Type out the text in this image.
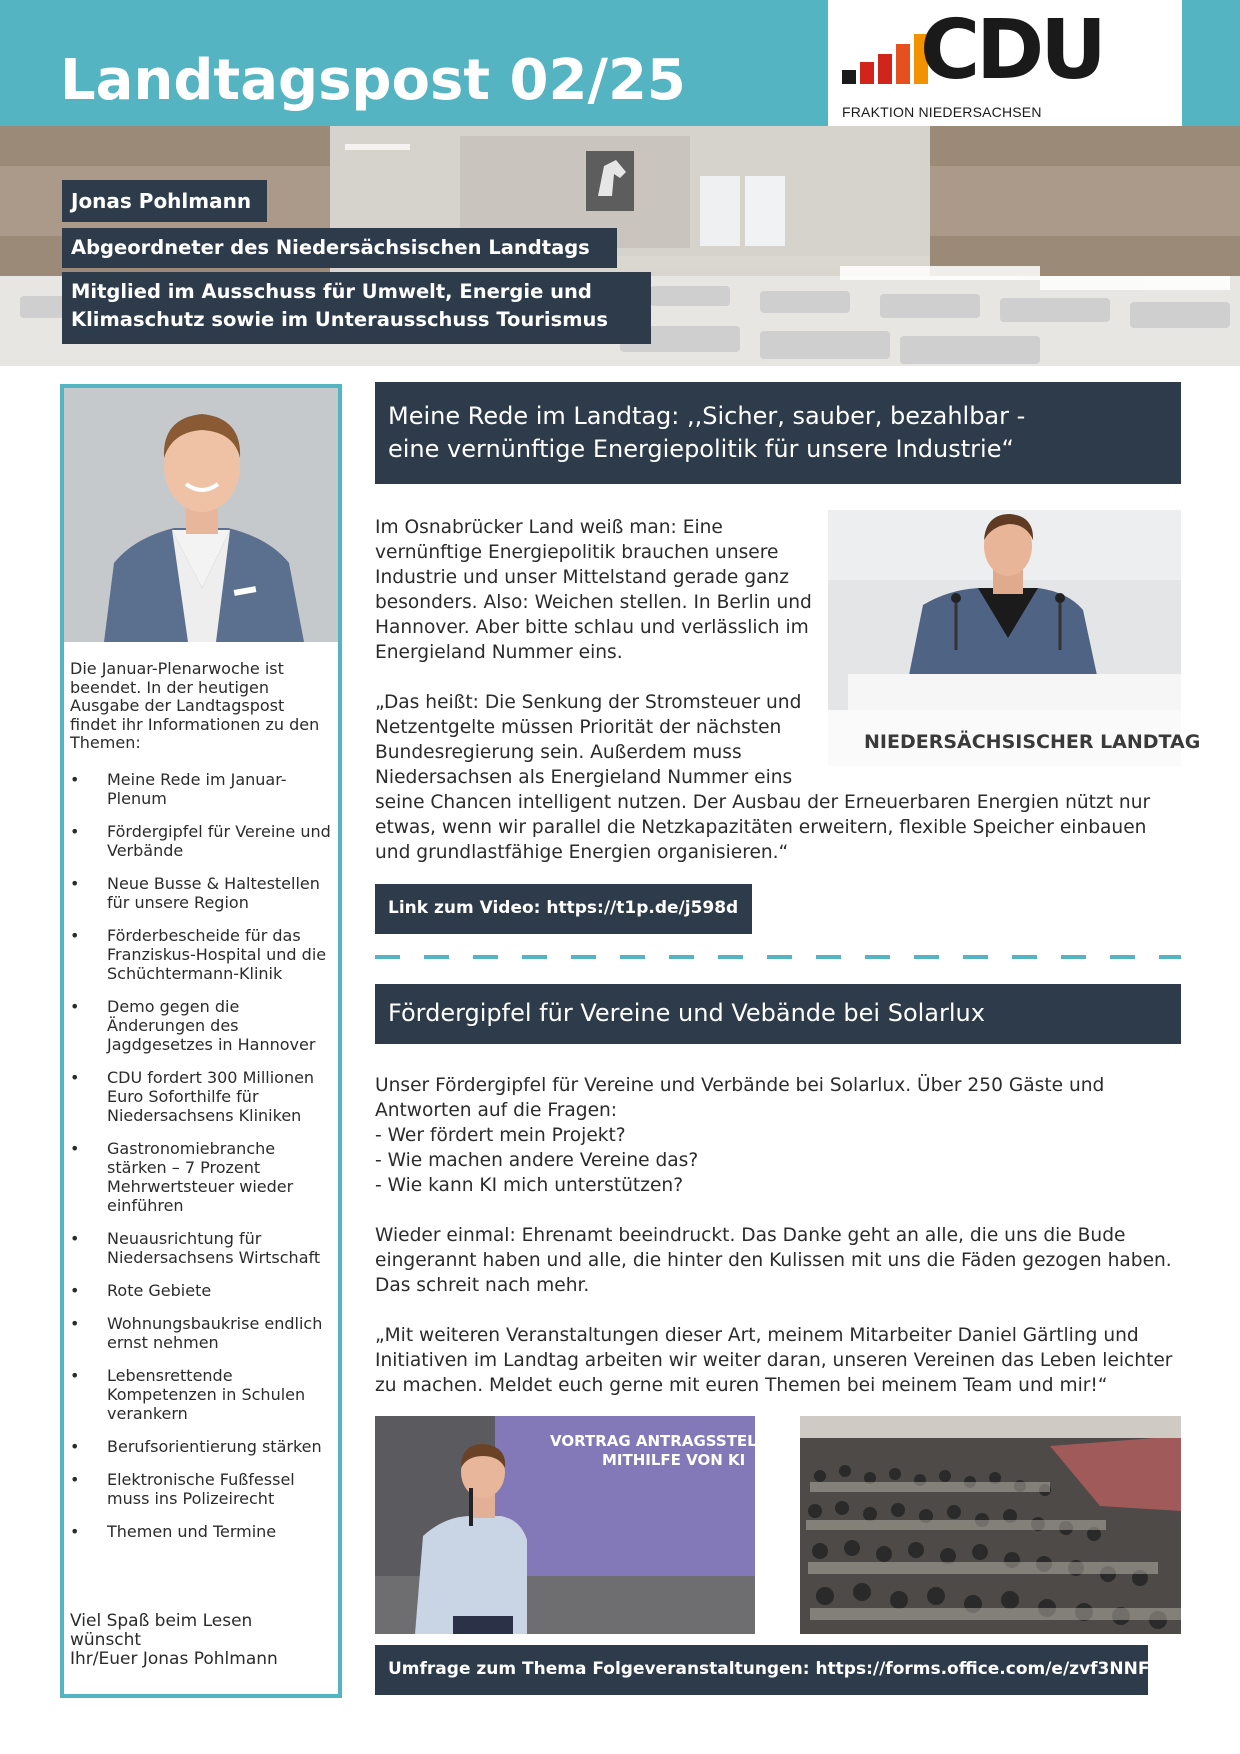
Landtagspost 02/25	CDU
FRAKTION NIEDERSACHSEN
Jonas Pohlmann
Abgeordneter des Niedersächsischen Landtags
Mitglied im Ausschuss für Umwelt, Energie und
Klimaschutz sowie im Unterausschuss Tourismus
Die Januar-Plenarwoche ist beendet. In der heutigen Ausgabe der Landtagspost findet ihr Informationen zu den Themen:
• Meine Rede im Januar-Plenum
• Fördergipfel für Vereine und Verbände
• Neue Busse & Haltestellen für unsere Region
• Förderbescheide für das Franziskus-Hospital und die Schüchtermann-Klinik
• Demo gegen die Änderungen des Jagdgesetzes in Hannover
• CDU fordert 300 Millionen Euro Soforthilfe für Niedersachsens Kliniken
• Gastronomiebranche stärken – 7 Prozent Mehrwertsteuer wieder einführen
• Neuausrichtung für Niedersachsens Wirtschaft
• Rote Gebiete
• Wohnungsbaukrise endlich ernst nehmen
• Lebensrettende Kompetenzen in Schulen verankern
• Berufsorientierung stärken
• Elektronische Fußfessel muss ins Polizeirecht
• Themen und Termine
Viel Spaß beim Lesen
wünscht
Ihr/Euer Jonas Pohlmann
Meine Rede im Landtag: ,,Sicher, sauber, bezahlbar -
eine vernünftige Energiepolitik für unsere Industrie“
Im Osnabrücker Land weiß man: Eine vernünftige Energiepolitik brauchen unsere Industrie und unser Mittelstand gerade ganz besonders. Also: Weichen stellen. In Berlin und Hannover. Aber bitte schlau und verlässlich im Energieland Nummer eins.
„Das heißt: Die Senkung der Stromsteuer und Netzentgelte müssen Priorität der nächsten Bundesregierung sein. Außerdem muss Niedersachsen als Energieland Nummer eins
seine Chancen intelligent nutzen. Der Ausbau der Erneuerbaren Energien nützt nur etwas, wenn wir parallel die Netzkapazitäten erweitern, flexible Speicher einbauen und grundlastfähige Energien organisieren.“
NIEDERSÄCHSISCHER LANDTAG
Link zum Video: https://t1p.de/j598d
Fördergipfel für Vereine und Vebände bei Solarlux
Unser Fördergipfel für Vereine und Verbände bei Solarlux. Über 250 Gäste und Antworten auf die Fragen:
- Wer fördert mein Projekt?
- Wie machen andere Vereine das?
- Wie kann KI mich unterstützen?
Wieder einmal: Ehrenamt beeindruckt. Das Danke geht an alle, die uns die Bude eingerannt haben und alle, die hinter den Kulissen mit uns die Fäden gezogen haben. Das schreit nach mehr.
„Mit weiteren Veranstaltungen dieser Art, meinem Mitarbeiter Daniel Gärtling und Initiativen im Landtag arbeiten wir weiter daran, unseren Vereinen das Leben leichter zu machen. Meldet euch gerne mit euren Themen bei meinem Team und mir!“
VORTRAG ANTRAGSSTELLU
MITHILFE VON KI
Umfrage zum Thema Folgeveranstaltungen: https://forms.office.com/e/zvf3NNFHMe
